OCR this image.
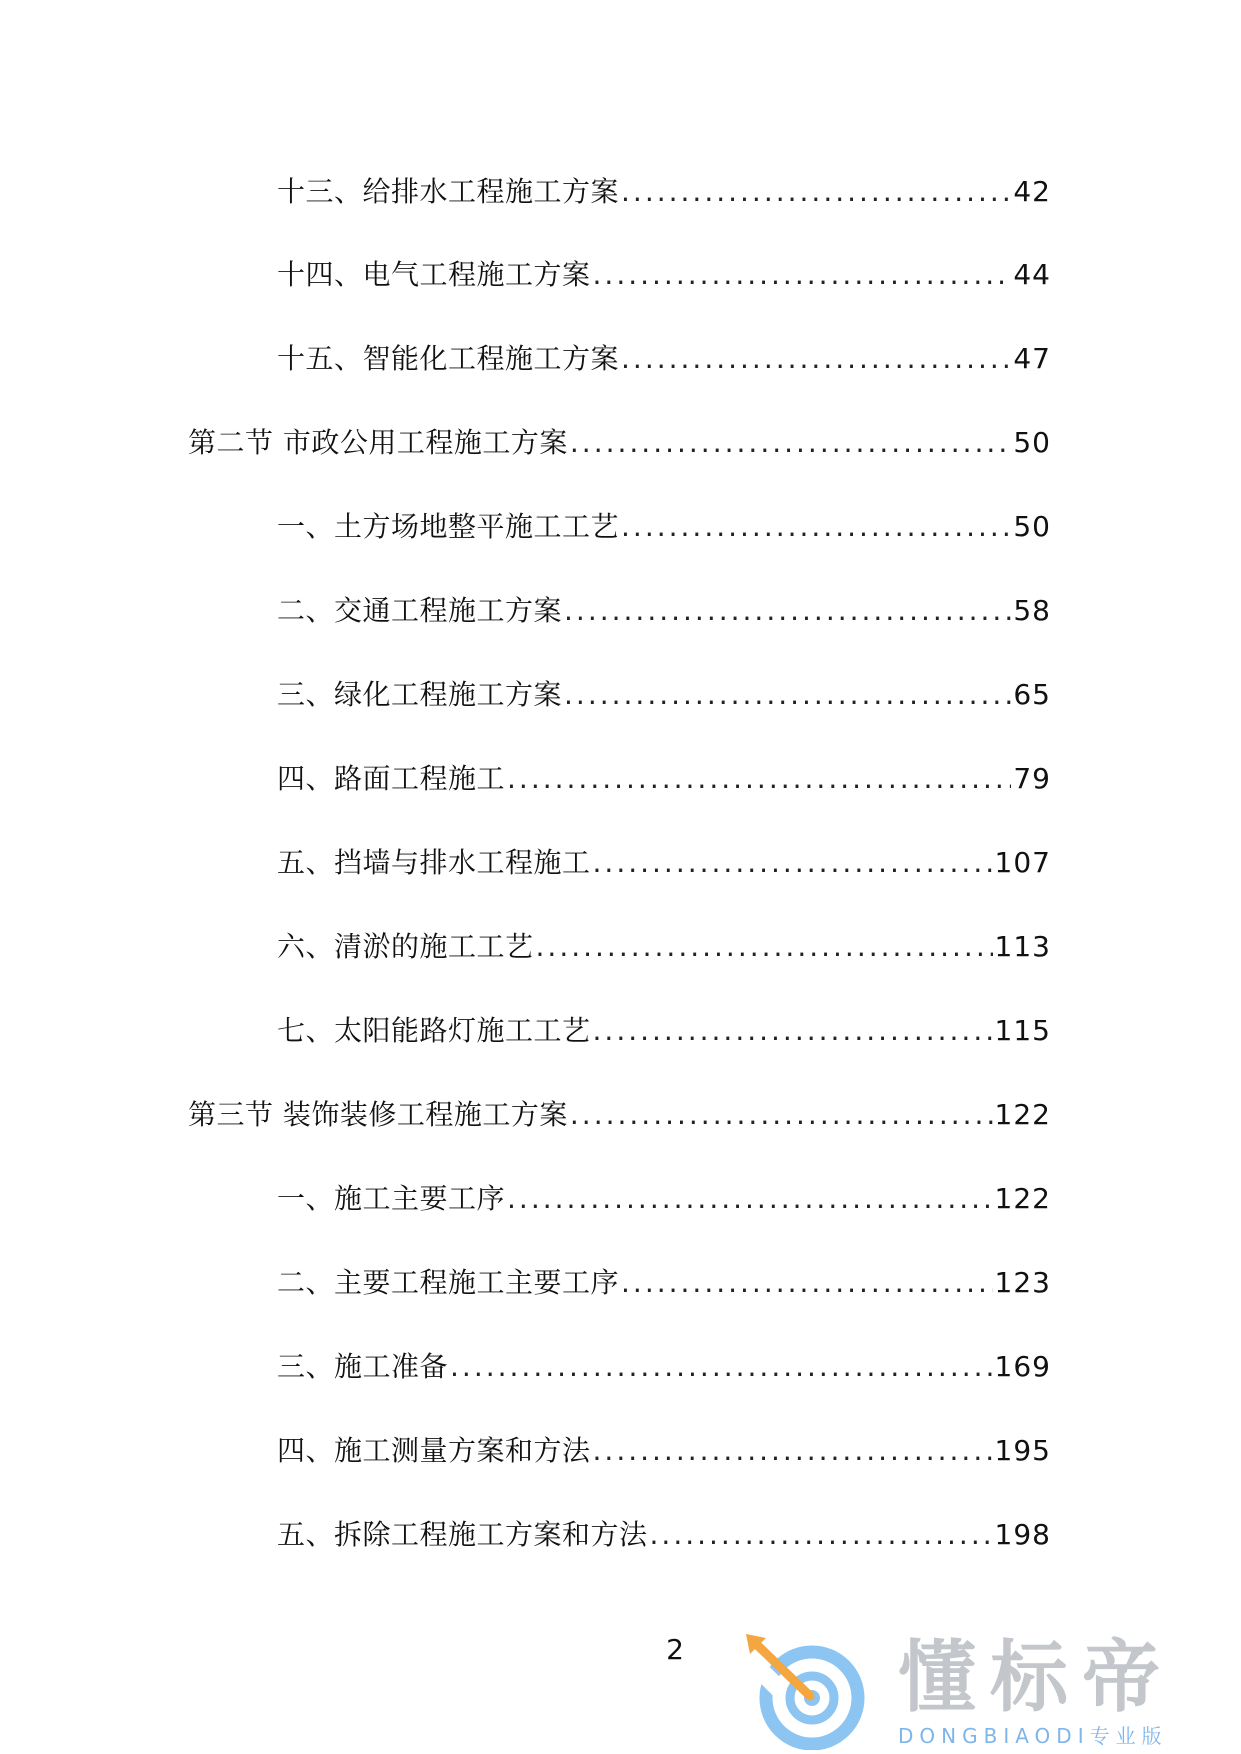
十三、给排水工程施工方案 .....	42
十四、电气工程施工方案 .....	44
十五、智能化工程施工方案 .....	47
第二节 市政公用工程施工方案 .....	50
一、土方场地整平施工工艺 .....	50
二、交通工程施工方案 .....	58
三、绿化工程施工方案 .....	65
四、路面工程施工 .....	79
五、挡墙与排水工程施工 .....	107
六、清淤的施工工艺 .....	113
七、太阳能路灯施工工艺 .....	115
第三节 装饰装修工程施工方案 .....	122
一、施工主要工序 .....	122
二、主要工程施工主要工序 .....	123
三、施工准备 .....	169
四、施工测量方案和方法 .....	195
五、拆除工程施工方案和方法 .....	198
2	懂标帝
DONGBIAODI专业版
